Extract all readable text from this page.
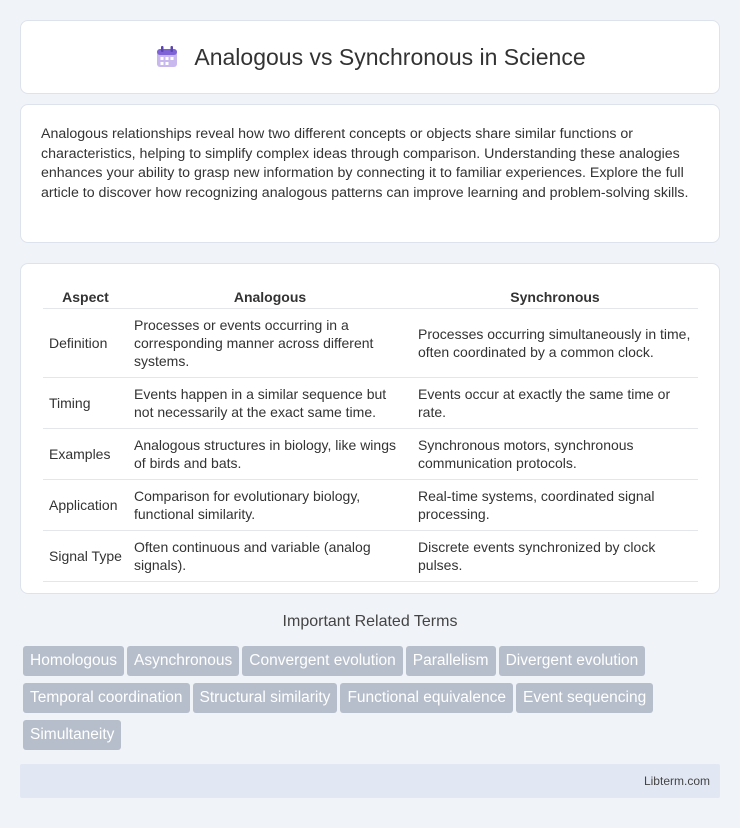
Analogous vs Synchronous in Science
Analogous relationships reveal how two different concepts or objects share similar functions or characteristics, helping to simplify complex ideas through comparison. Understanding these analogies enhances your ability to grasp new information by connecting it to familiar experiences. Explore the full article to discover how recognizing analogous patterns can improve learning and problem-solving skills.
Aspect	Analogous	Synchronous
Definition	Processes or events occurring in a corresponding manner across different systems.	Processes occurring simultaneously in time, often coordinated by a common clock.
Timing	Events happen in a similar sequence but not necessarily at the exact same time.	Events occur at exactly the same time or rate.
Examples	Analogous structures in biology, like wings of birds and bats.	Synchronous motors, synchronous communication protocols.
Application	Comparison for evolutionary biology, functional similarity.	Real-time systems, coordinated signal processing.
Signal Type	Often continuous and variable (analog signals).	Discrete events synchronized by clock pulses.
Important Related Terms
Homologous Asynchronous Convergent evolution Parallelism Divergent evolutionTemporal coordination Structural similarity Functional equivalence Event sequencingSimultaneity
Libterm.com
